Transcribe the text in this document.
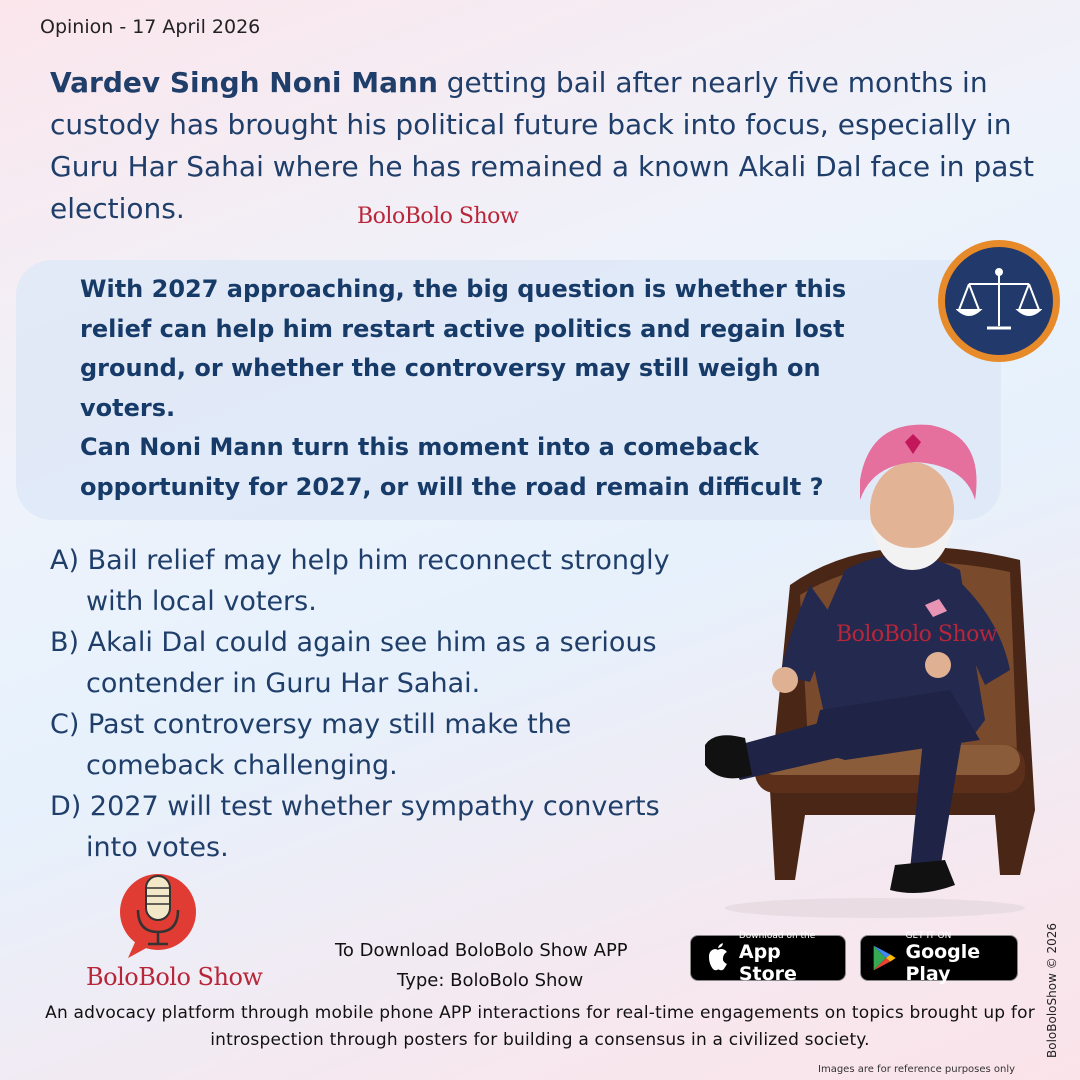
Opinion - 17 April 2026
Vardev Singh Noni Mann getting bail after nearly five months in custody has brought his political future back into focus, especially in Guru Har Sahai where he has remained a known Akali Dal face in past elections.	BoloBolo Show
With 2027 approaching, the big question is whether this relief can help him restart active politics and regain lost ground, or whether the controversy may still weigh on voters.
Can Noni Mann turn this moment into a comeback opportunity for 2027, or will the road remain difficult ?
A) Bail relief may help him reconnect strongly
with local voters.
B) Akali Dal could again see him as a serious
contender in Guru Har Sahai.
C) Past controversy may still make the
comeback challenging.
D) 2027 will test whether sympathy converts
into votes.
BoloBolo Show
BoloBolo Show
To Download BoloBolo Show APP
Type: BoloBolo Show
Download on the
App Store
GET IT ON
Google Play
An advocacy platform through mobile phone APP interactions for real-time engagements on topics brought up for introspection through posters for building a consensus in a civilized society.	BoloBoloShow © 2026
Images are for reference purposes only
